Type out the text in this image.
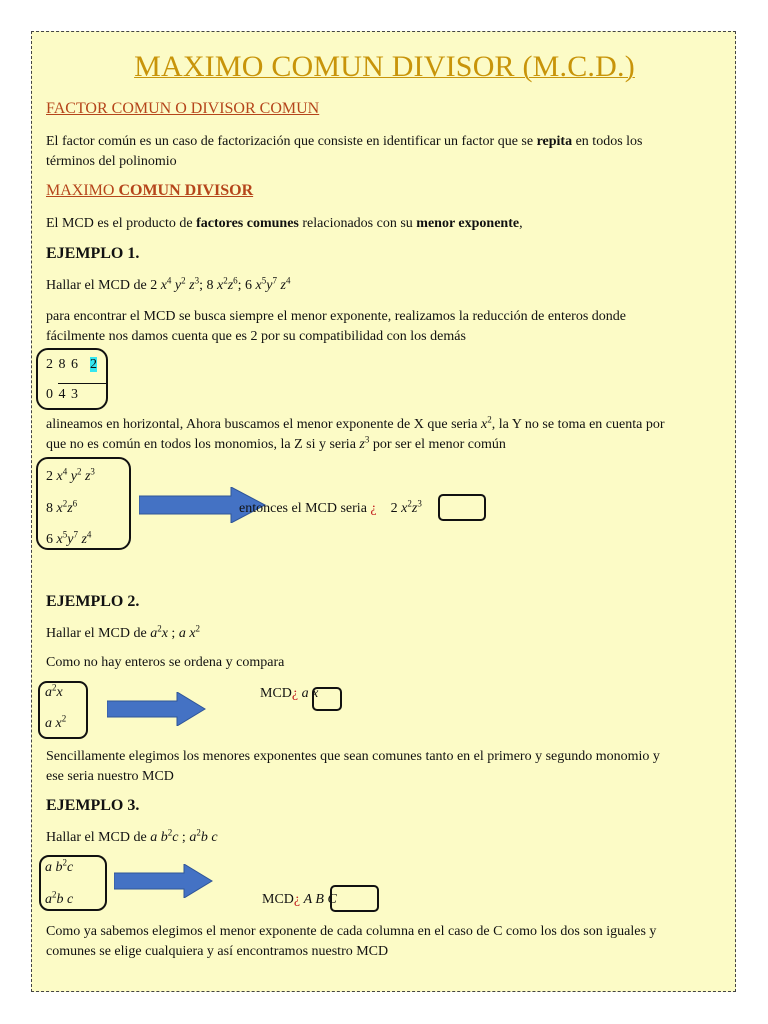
MAXIMO COMUN DIVISOR (M.C.D.)
FACTOR COMUN O DIVISOR COMUN
El factor común es un caso de factorización que consiste en identificar un factor que se repita en todos los
términos del polinomio
MAXIMO COMUN DIVISOR
El MCD es el producto de factores comunes relacionados con su menor exponente,
EJEMPLO 1.
Hallar el MCD de 2 $x^4$ $y^2$ $z^3$; 8 $x^2z^6$; 6 $x^5y^7$ $z^4$
para encontrar el MCD se busca siempre el menor exponente, realizamos la reducción de enteros donde
fácilmente nos damos cuenta que es 2 por su compatibilidad con los demás
2 8 6 2
0 4 3
alineamos en horizontal, Ahora buscamos el menor exponente de X que seria $x^2$, la Y no se toma en cuenta por
que no es común en todos los monomios, la Z si y seria $z^3$ por ser el menor común
2 $x^4$ $y^2$ $z^3$
8 $x^2z^6$
6 $x^5y^7$ $z^4$
entonces el MCD seria ¿    2 $x^2z^3$
EJEMPLO 2.
Hallar el MCD de $a^2x$ ; a $x^2$
Como no hay enteros se ordena y compara
$a^2x$
a $x^2$
MCD¿ a x
Sencillamente elegimos los menores exponentes que sean comunes tanto en el primero y segundo monomio y
ese seria nuestro MCD
EJEMPLO 3.
Hallar el MCD de a $b^2c$ ; $a^2b$ c
a $b^2c$
$a^2b$ c	MCD¿ A B C
Como ya sabemos elegimos el menor exponente de cada columna en el caso de C como los dos son iguales y
comunes se elige cualquiera y así encontramos nuestro MCD
